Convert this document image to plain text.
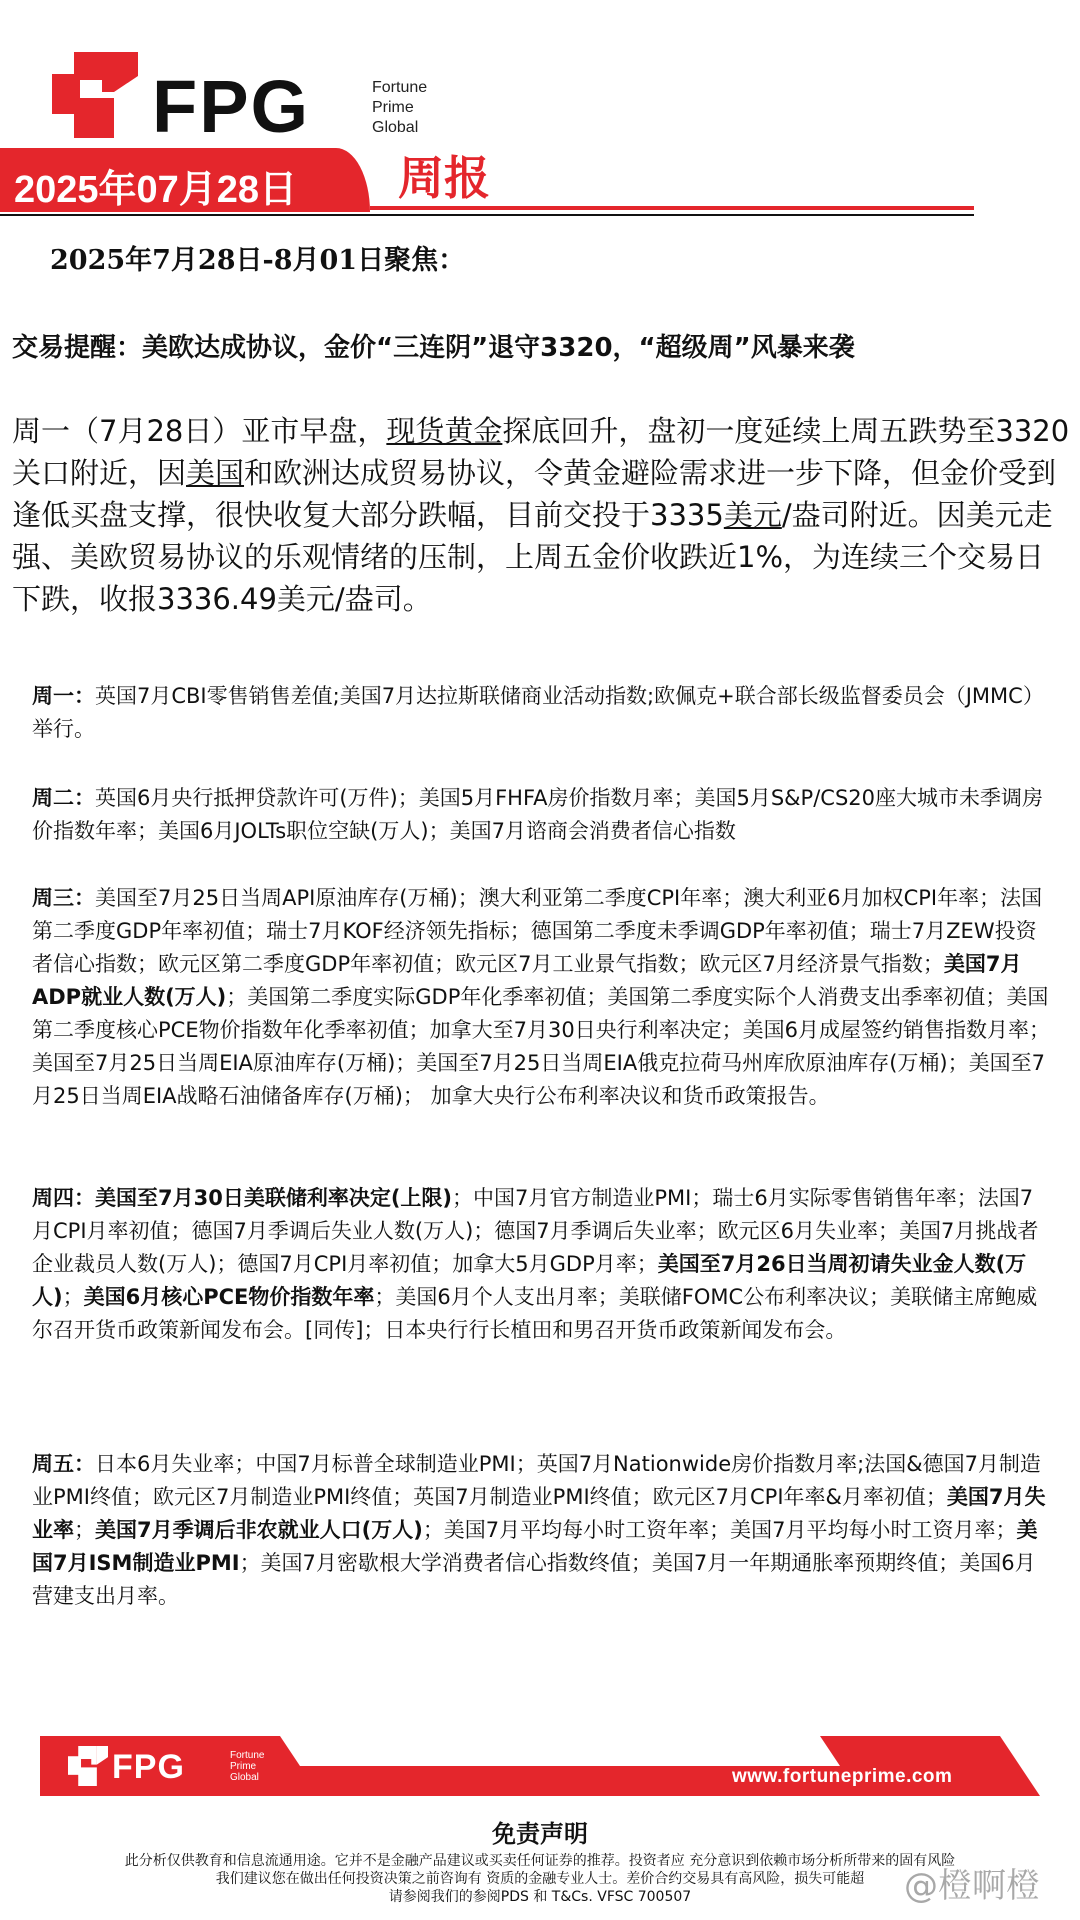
FPG	Fortune
Prime
Global
2025年07月28日 周报
2025年7月28日-8月01日聚焦：
交易提醒：美欧达成协议，金价“三连阴”退守3320，“超级周”风暴来袭
周一（7月28日）亚市早盘，现货黄金探底回升，盘初一度延续上周五跌势至3320关口附近，因美国和欧洲达成贸易协议，令黄金避险需求进一步下降，但金价受到逢低买盘支撑，很快收复大部分跌幅，目前交投于3335美元/盎司附近。因美元走强、美欧贸易协议的乐观情绪的压制，上周五金价收跌近1%，为连续三个交易日下跌，收报3336.49美元/盎司。
周一：英国7月CBI零售销售差值;美国7月达拉斯联储商业活动指数;欧佩克+联合部长级监督委员会（JMMC）举行。
周二：英国6月央行抵押贷款许可(万件)；美国5月FHFA房价指数月率；美国5月S&P/CS20座大城市未季调房价指数年率；美国6月JOLTs职位空缺(万人)；美国7月谘商会消费者信心指数
周三：美国至7月25日当周API原油库存(万桶)；澳大利亚第二季度CPI年率；澳大利亚6月加权CPI年率；法国第二季度GDP年率初值；瑞士7月KOF经济领先指标；德国第二季度未季调GDP年率初值；瑞士7月ZEW投资者信心指数；欧元区第二季度GDP年率初值；欧元区7月工业景气指数；欧元区7月经济景气指数；美国7月ADP就业人数(万人)；美国第二季度实际GDP年化季率初值；美国第二季度实际个人消费支出季率初值；美国第二季度核心PCE物价指数年化季率初值；加拿大至7月30日央行利率决定；美国6月成屋签约销售指数月率；美国至7月25日当周EIA原油库存(万桶)；美国至7月25日当周EIA俄克拉荷马州库欣原油库存(万桶)；美国至7月25日当周EIA战略石油储备库存(万桶)； 加拿大央行公布利率决议和货币政策报告。
周四：美国至7月30日美联储利率决定(上限)；中国7月官方制造业PMI；瑞士6月实际零售销售年率；法国7月CPI月率初值；德国7月季调后失业人数(万人)；德国7月季调后失业率；欧元区6月失业率；美国7月挑战者企业裁员人数(万人)；德国7月CPI月率初值；加拿大5月GDP月率；美国至7月26日当周初请失业金人数(万人)；美国6月核心PCE物价指数年率；美国6月个人支出月率；美联储FOMC公布利率决议；美联储主席鲍威尔召开货币政策新闻发布会。[同传]；日本央行行长植田和男召开货币政策新闻发布会。
周五：日本6月失业率；中国7月标普全球制造业PMI；英国7月Nationwide房价指数月率;法国&德国7月制造业PMI终值；欧元区7月制造业PMI终值；英国7月制造业PMI终值；欧元区7月CPI年率&月率初值；美国7月失业率；美国7月季调后非农就业人口(万人)；美国7月平均每小时工资年率；美国7月平均每小时工资月率；美国7月ISM制造业PMI；美国7月密歇根大学消费者信心指数终值；美国7月一年期通胀率预期终值；美国6月营建支出月率。
FPG	Fortune Prime Global	www.fortuneprime.com
免责声明
此分析仅供教育和信息流通用途。它并不是金融产品建议或买卖任何证券的推荐。投资者应 充分意识到依赖市场分析所带来的固有风险
我们建议您在做出任何投资决策之前咨询有 资质的金融专业人士。差价合约交易具有高风险，损失可能超
请参阅我们的参阅PDS 和 T&Cs. VFSC 700507	@橙啊橙
